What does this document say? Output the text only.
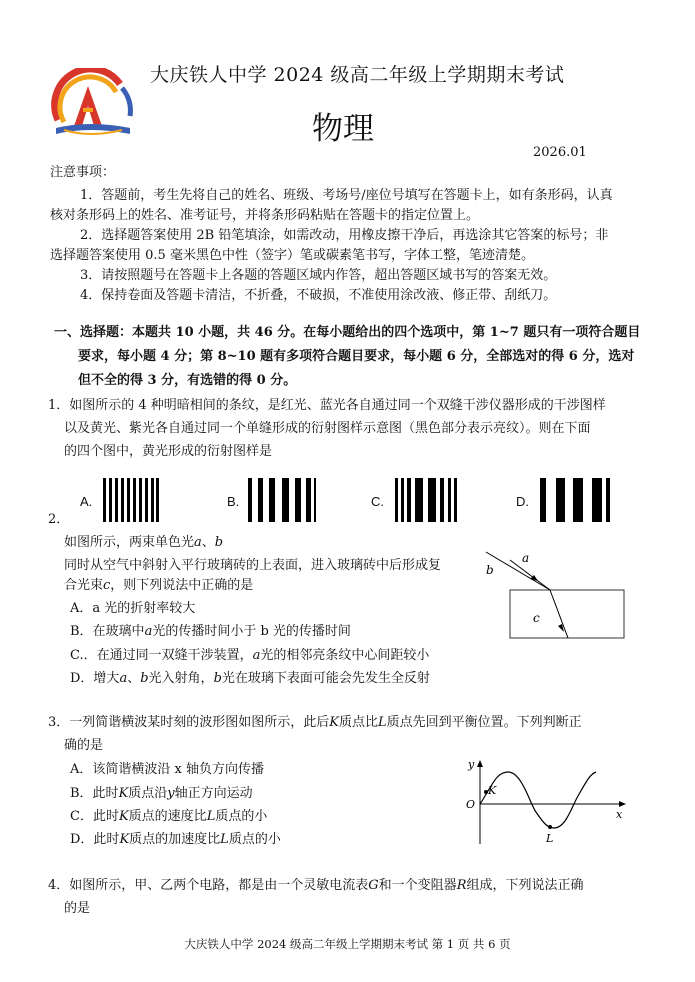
大庆铁人中学 2024 级高二年级上学期期末考试
物理
2026.01
注意事项：
1．答题前，考生先将自己的姓名、班级、考场号/座位号填写在答题卡上，如有条形码，认真
核对条形码上的姓名、准考证号，并将条形码粘贴在答题卡的指定位置上。
2．选择题答案使用 2B 铅笔填涂，如需改动，用橡皮擦干净后，再选涂其它答案的标号；非
选择题答案使用 0.5 毫米黑色中性（签字）笔或碳素笔书写，字体工整，笔迹清楚。
3．请按照题号在答题卡上各题的答题区域内作答，超出答题区域书写的答案无效。
4．保持卷面及答题卡清洁，不折叠，不破损，不准使用涂改液、修正带、刮纸刀。
一、选择题：本题共 10 小题，共 46 分。在每小题给出的四个选项中，第 1~7 题只有一项符合题目
要求，每小题 4 分；第 8~10 题有多项符合题目要求，每小题 6 分，全部选对的得 6 分，选对
但不全的得 3 分，有选错的得 0 分。
1．如图所示的 4 种明暗相间的条纹，是红光、蓝光各自通过同一个双缝干涉仪器形成的干涉图样
以及黄光、紫光各自通过同一个单缝形成的衍射图样示意图（黑色部分表示亮纹）。则在下面
的四个图中，黄光形成的衍射图样是
A.	B.	C.	D.
2．
如图所示，两束单色光a、b
同时从空气中斜射入平行玻璃砖的上表面，进入玻璃砖中后形成复
合光束c，则下列说法中正确的是
A．a 光的折射率较大
B．在玻璃中a光的传播时间小于 b 光的传播时间
C.．在通过同一双缝干涉装置，a光的相邻亮条纹中心间距较小
D．增大a、b光入射角，b光在玻璃下表面可能会先发生全反射
a
b
c
3．一列简谐横波某时刻的波形图如图所示，此后K质点比L质点先回到平衡位置。下列判断正
确的是
A．该简谐横波沿 x 轴负方向传播
B．此时K质点沿y轴正方向运动
C．此时K质点的速度比L质点的小
D．此时K质点的加速度比L质点的小
y
x
O
K
L
4．如图所示，甲、乙两个电路，都是由一个灵敏电流表G和一个变阻器R组成，下列说法正确
的是
大庆铁人中学 2024 级高二年级上学期期末考试 第 1 页 共 6 页
